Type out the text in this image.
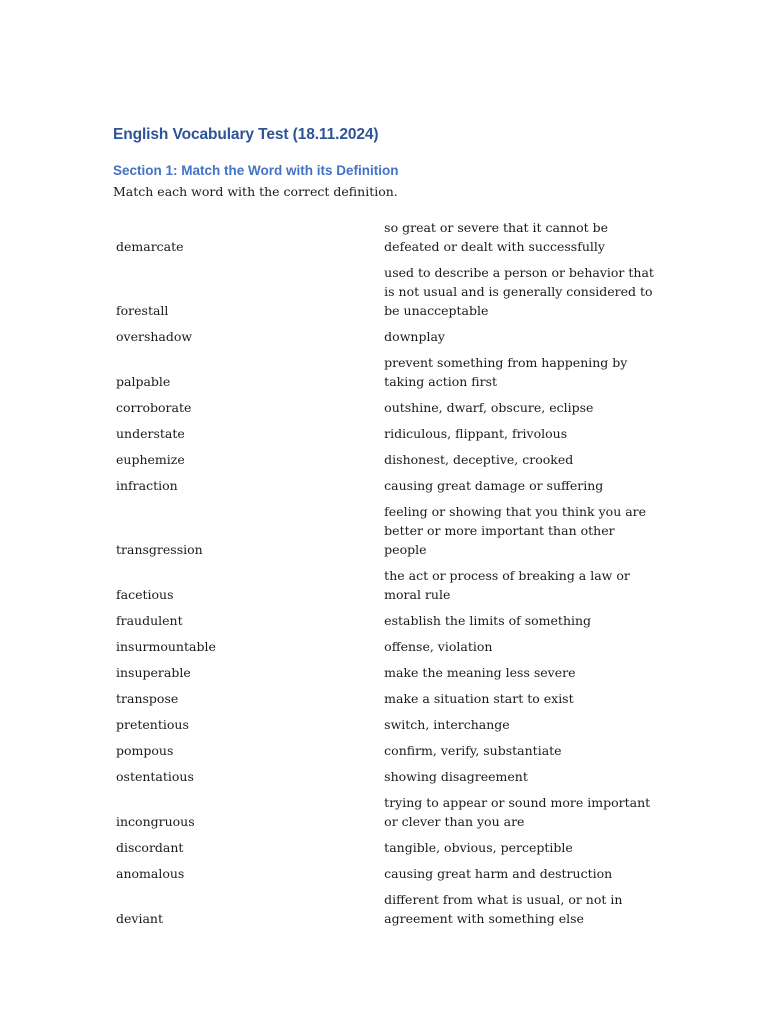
English Vocabulary Test (18.11.2024)
Section 1: Match the Word with its Definition

Match each word with the correct definition.

demarcate	so great or severe that it cannot be defeated or dealt with successfully
forestall	used to describe a person or behavior that is not usual and is generally considered to be unacceptable
overshadow	downplay
palpable	prevent something from happening by taking action first
corroborate	outshine, dwarf, obscure, eclipse
understate	ridiculous, flippant, frivolous
euphemize	dishonest, deceptive, crooked
infraction	causing great damage or suffering
transgression	feeling or showing that you think you are better or more important than other people
facetious	the act or process of breaking a law or moral rule
fraudulent	establish the limits of something
insurmountable	offense, violation
insuperable	make the meaning less severe
transpose	make a situation start to exist
pretentious	switch, interchange
pompous	confirm, verify, substantiate
ostentatious	showing disagreement
incongruous	trying to appear or sound more important or clever than you are
discordant	tangible, obvious, perceptible
anomalous	causing great harm and destruction
deviant	different from what is usual, or not in agreement with something else
